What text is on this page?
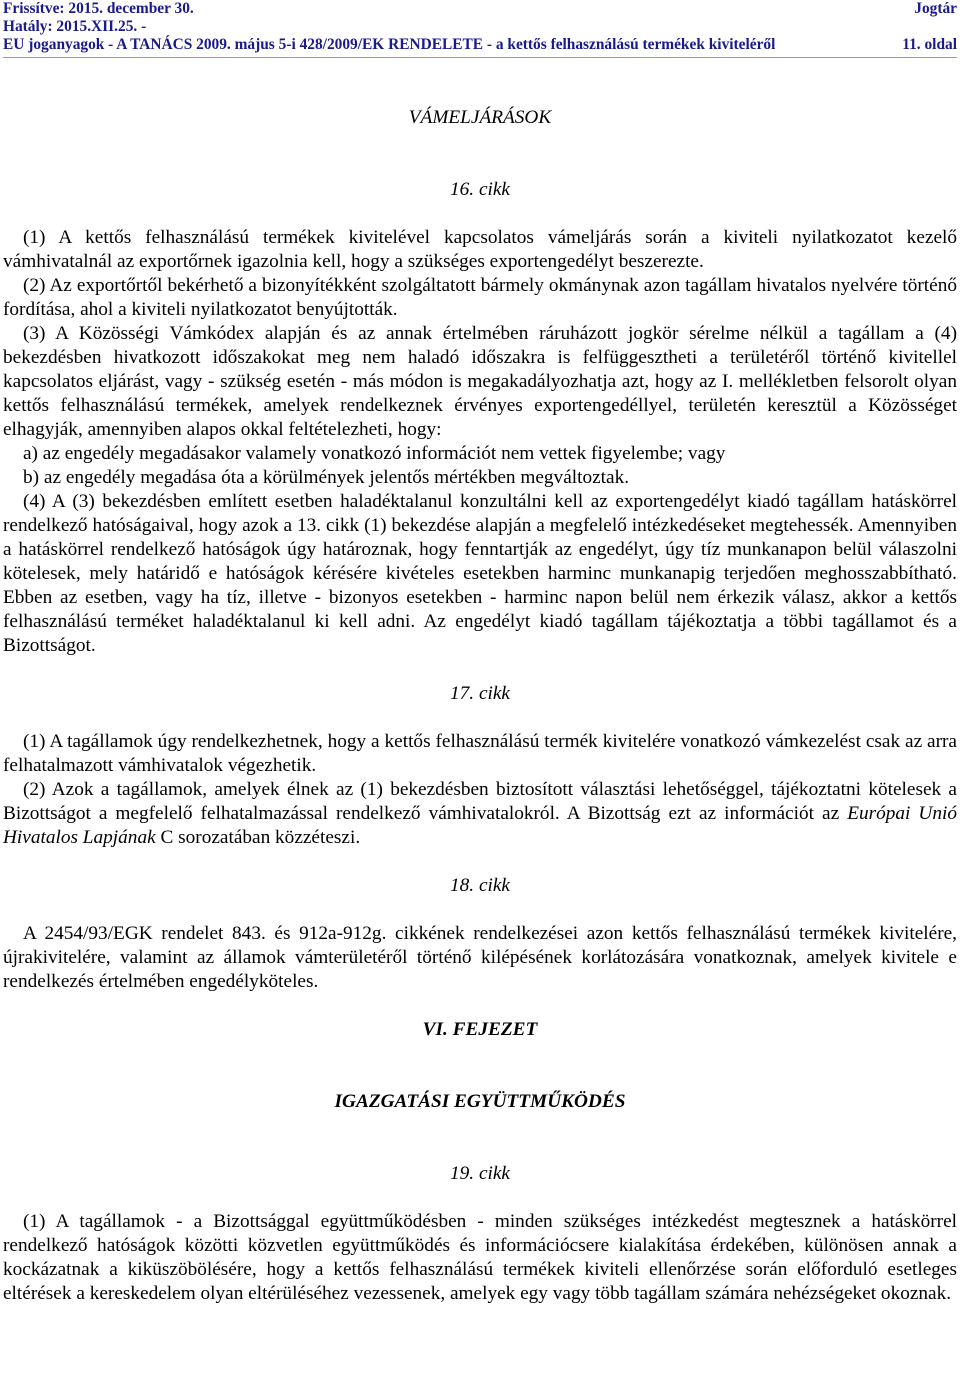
Frissítve: 2015. december 30.	Jogtár
Hatály: 2015.XII.25. -
EU joganyagok - A TANÁCS 2009. május 5-i 428/2009/EK RENDELETE - a kettős felhasználású termékek kiviteléről	11. oldal
VÁMELJÁRÁSOK
16. cikk

(1) A kettős felhasználású termékek kivitelével kapcsolatos vámeljárás során a kiviteli nyilatkozatot kezelő vámhivatalnál az exportőrnek igazolnia kell, hogy a szükséges exportengedélyt beszerezte.

(2) Az exportőrtől bekérhető a bizonyítékként szolgáltatott bármely okmánynak azon tagállam hivatalos nyelvére történő fordítása, ahol a kiviteli nyilatkozatot benyújtották.

(3) A Közösségi Vámkódex alapján és az annak értelmében ráruházott jogkör sérelme nélkül a tagállam a (4) bekezdésben hivatkozott időszakokat meg nem haladó időszakra is felfüggesztheti a területéről történő kivitellel kapcsolatos eljárást, vagy - szükség esetén - más módon is megakadályozhatja azt, hogy az I. mellékletben felsorolt olyan kettős felhasználású termékek, amelyek rendelkeznek érvényes exportengedéllyel, területén keresztül a Közösséget elhagyják, amennyiben alapos okkal feltételezheti, hogy:

a) az engedély megadásakor valamely vonatkozó információt nem vettek figyelembe; vagy

b) az engedély megadása óta a körülmények jelentős mértékben megváltoztak.

(4) A (3) bekezdésben említett esetben haladéktalanul konzultálni kell az exportengedélyt kiadó tagállam hatáskörrel rendelkező hatóságaival, hogy azok a 13. cikk (1) bekezdése alapján a megfelelő intézkedéseket megtehessék. Amennyiben a hatáskörrel rendelkező hatóságok úgy határoznak, hogy fenntartják az engedélyt, úgy tíz munkanapon belül válaszolni kötelesek, mely határidő e hatóságok kérésére kivételes esetekben harminc munkanapig terjedően meghosszabbítható. Ebben az esetben, vagy ha tíz, illetve - bizonyos esetekben - harminc napon belül nem érkezik válasz, akkor a kettős felhasználású terméket haladéktalanul ki kell adni. Az engedélyt kiadó tagállam tájékoztatja a többi tagállamot és a Bizottságot.

17. cikk

(1) A tagállamok úgy rendelkezhetnek, hogy a kettős felhasználású termék kivitelére vonatkozó vámkezelést csak az arra felhatalmazott vámhivatalok végezhetik.

(2) Azok a tagállamok, amelyek élnek az (1) bekezdésben biztosított választási lehetőséggel, tájékoztatni kötelesek a Bizottságot a megfelelő felhatalmazással rendelkező vámhivatalokról. A Bizottság ezt az információt az Európai Unió Hivatalos Lapjának C sorozatában közzéteszi.

18. cikk

A 2454/93/EGK rendelet 843. és 912a-912g. cikkének rendelkezései azon kettős felhasználású termékek kivitelére, újrakivitelére, valamint az államok vámterületéről történő kilépésének korlátozására vonatkoznak, amelyek kivitele e rendelkezés értelmében engedélyköteles.

VI. FEJEZET
IGAZGATÁSI EGYÜTTMŰKÖDÉS
19. cikk

(1) A tagállamok - a Bizottsággal együttműködésben - minden szükséges intézkedést megtesznek a hatáskörrel rendelkező hatóságok közötti közvetlen együttműködés és információcsere kialakítása érdekében, különösen annak a kockázatnak a kiküszöbölésére, hogy a kettős felhasználású termékek kiviteli ellenőrzése során előforduló esetleges eltérések a kereskedelem olyan eltérüléséhez vezessenek, amelyek egy vagy több tagállam számára nehézségeket okoznak.
